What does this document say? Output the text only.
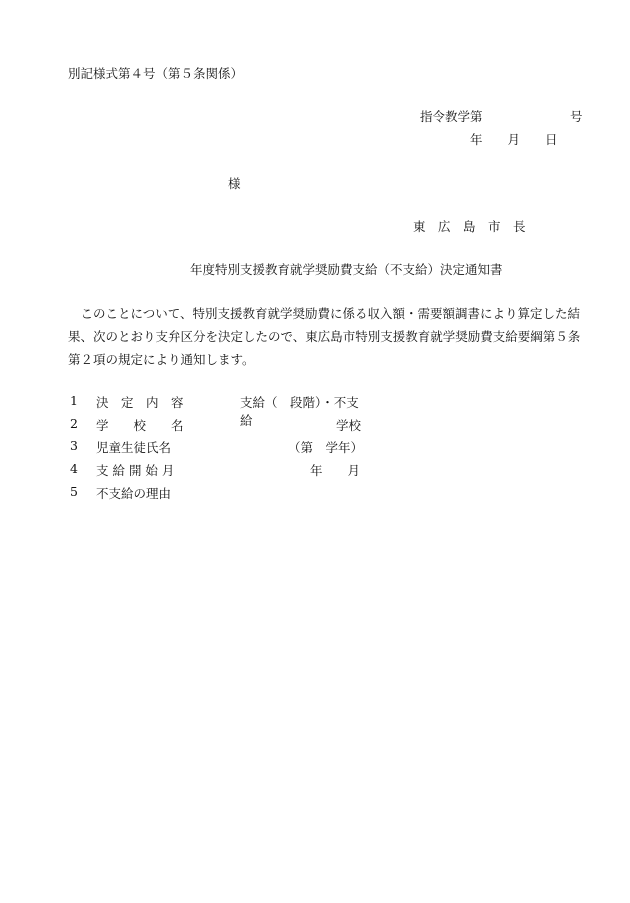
別記様式第４号（第５条関係）
指令教学第　　　　　　　号
年　　月　　日
様
東　広　島　市　長
年度特別支援教育就学奨励費支給（不支給）決定通知書
　このことについて、特別支援教育就学奨励費に係る収入額・需要額調書により算定した結
果、次のとおり支弁区分を決定したので、東広島市特別支援教育就学奨励費支給要綱第５条
第２項の規定により通知します。
1 決　定　内　容	支給（　段階）・不支給
2 学　　校　　名	学校
3 児童生徒氏名	（第　学年）
4 支 給 開 始 月	年　　月
5 不支給の理由
